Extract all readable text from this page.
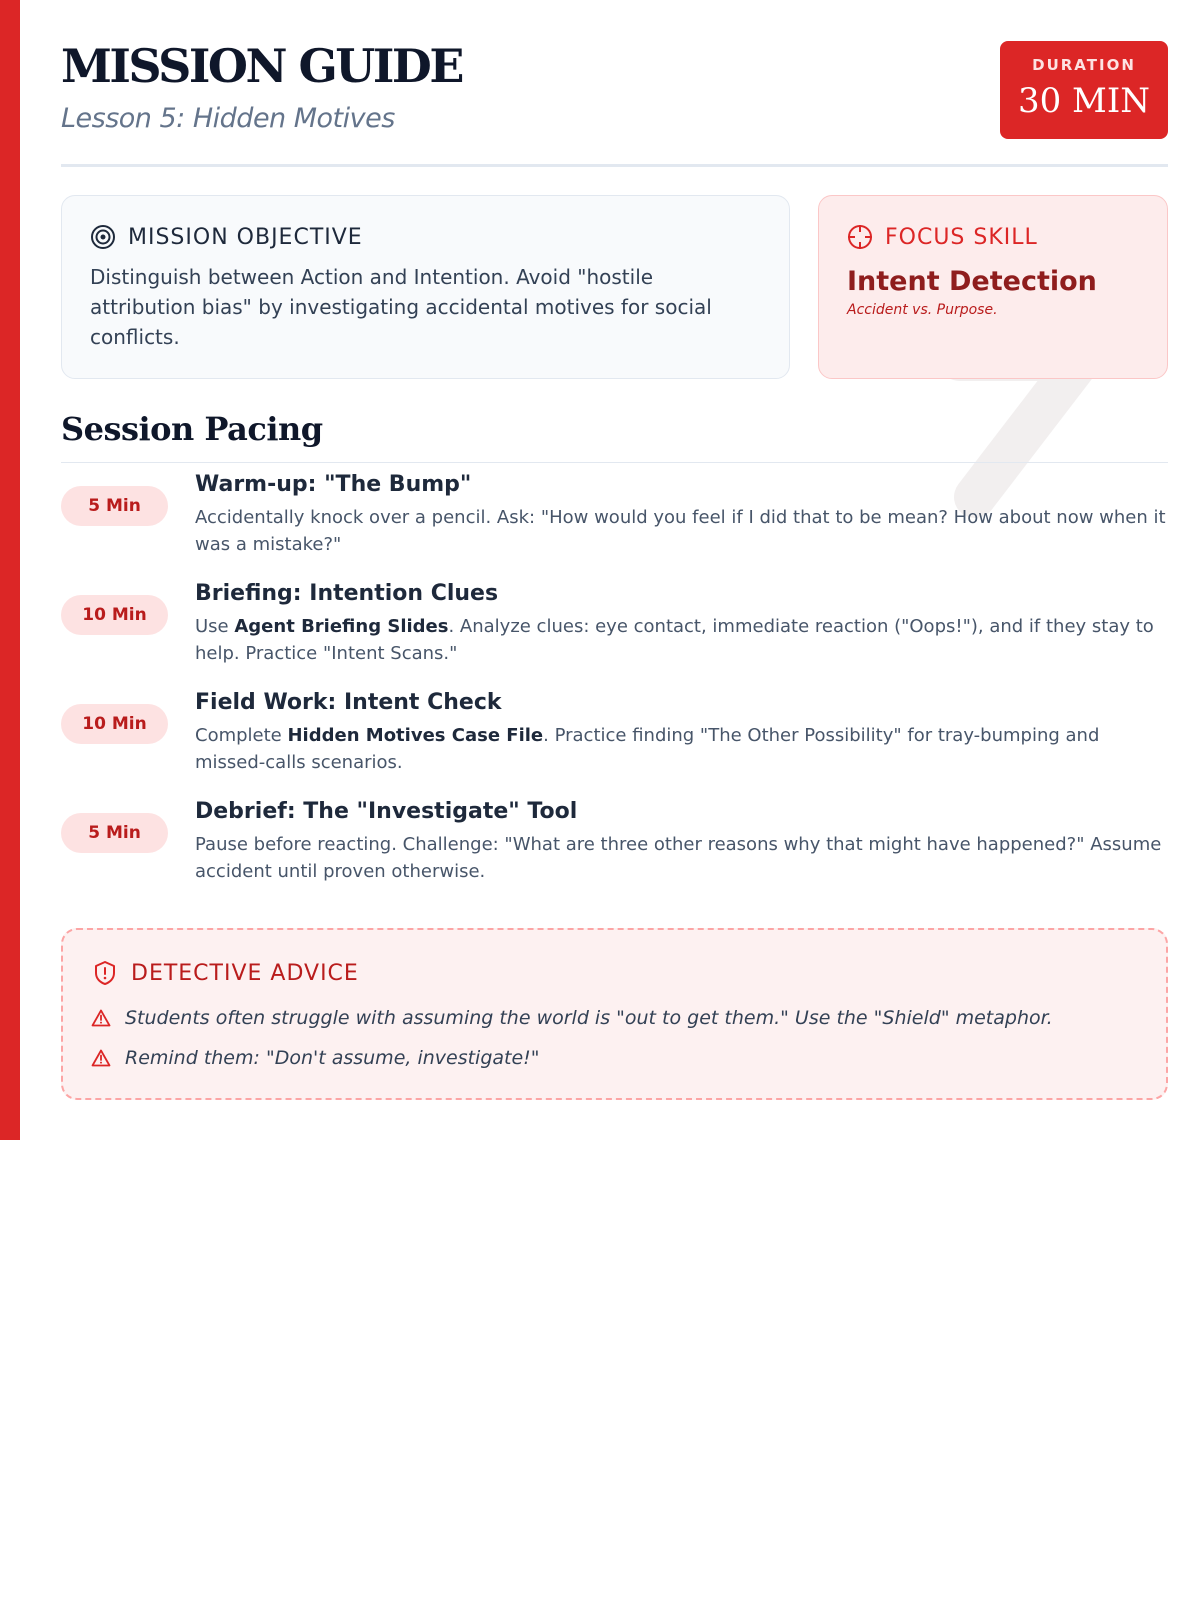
MISSION GUIDE
Lesson 5: Hidden Motives
DURATION
30 MIN
MISSION OBJECTIVE
Distinguish between Action and Intention. Avoid "hostile attribution bias" by investigating accidental motives for social conflicts.
FOCUS SKILL
Intent Detection
Accident vs. Purpose.
Session Pacing
5 Min
Warm-up: "The Bump"
Accidentally knock over a pencil. Ask: "How would you feel if I did that to be mean? How about now when it was a mistake?"
10 Min
Briefing: Intention Clues
Use Agent Briefing Slides. Analyze clues: eye contact, immediate reaction ("Oops!"), and if they stay to help. Practice "Intent Scans."
10 Min
Field Work: Intent Check
Complete Hidden Motives Case File. Practice finding "The Other Possibility" for tray-bumping and missed-calls scenarios.
5 Min
Debrief: The "Investigate" Tool
Pause before reacting. Challenge: "What are three other reasons why that might have happened?" Assume accident until proven otherwise.
DETECTIVE ADVICE
Students often struggle with assuming the world is "out to get them." Use the "Shield" metaphor.
Remind them: "Don't assume, investigate!"
